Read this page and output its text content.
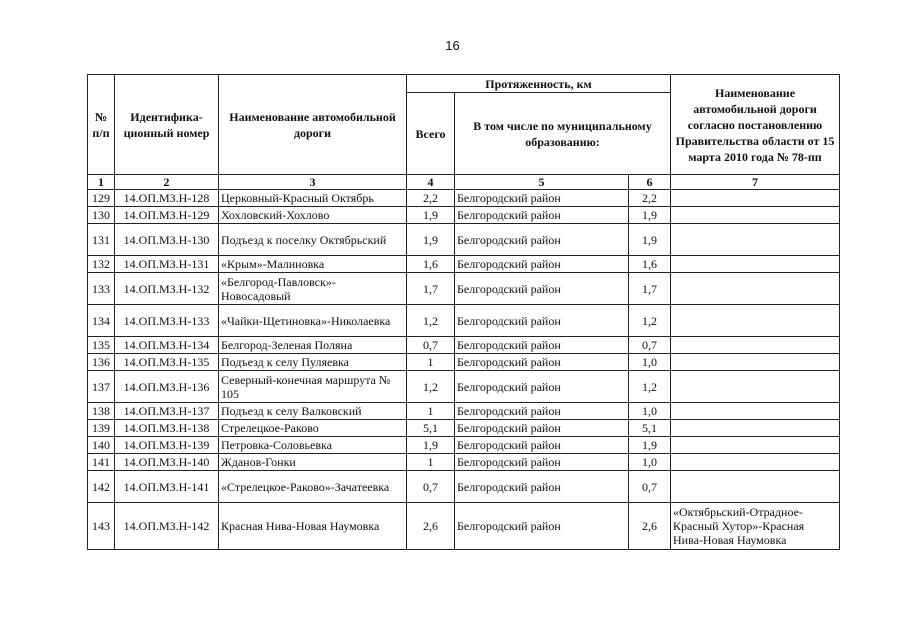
16
№ п/п	Идентифика-ционный номер	Наименование автомобильной дороги	Протяженность, км			Наименование автомобильной дороги согласно постановлению Правительства области от 15 марта 2010 года № 78-пп
			Всего	В том числе по муниципальному образованию:		
1	2	3	4	5	6	7
129	14.ОП.МЗ.Н-128	Церковный-Красный Октябрь	2,2	Белгородский район	2,2	
130	14.ОП.МЗ.Н-129	Хохловский-Хохлово	1,9	Белгородский район	1,9	
131	14.ОП.МЗ.Н-130	Подъезд к поселку Октябрьский	1,9	Белгородский район	1,9	
132	14.ОП.МЗ.Н-131	«Крым»-Малиновка	1,6	Белгородский район	1,6	
133	14.ОП.МЗ.Н-132	«Белгород-Павловск»-Новосадовый	1,7	Белгородский район	1,7	
134	14.ОП.МЗ.Н-133	«Чайки-Щетиновка»-Николаевка	1,2	Белгородский район	1,2	
135	14.ОП.МЗ.Н-134	Белгород-Зеленая Поляна	0,7	Белгородский район	0,7	
136	14.ОП.МЗ.Н-135	Подъезд к селу Пуляевка	1	Белгородский район	1,0	
137	14.ОП.МЗ.Н-136	Северный-конечная маршрута № 105	1,2	Белгородский район	1,2	
138	14.ОП.МЗ.Н-137	Подъезд к селу Валковский	1	Белгородский район	1,0	
139	14.ОП.МЗ.Н-138	Стрелецкое-Раково	5,1	Белгородский район	5,1	
140	14.ОП.МЗ.Н-139	Петровка-Соловьевка	1,9	Белгородский район	1,9	
141	14.ОП.МЗ.Н-140	Жданов-Гонки	1	Белгородский район	1,0	
142	14.ОП.МЗ.Н-141	«Стрелецкое-Раково»-Зачатеевка	0,7	Белгородский район	0,7	
143	14.ОП.МЗ.Н-142	Красная Нива-Новая Наумовка	2,6	Белгородский район	2,6	«Октябрьский-Отрадное-Красный Хутор»-Красная Нива-Новая Наумовка
